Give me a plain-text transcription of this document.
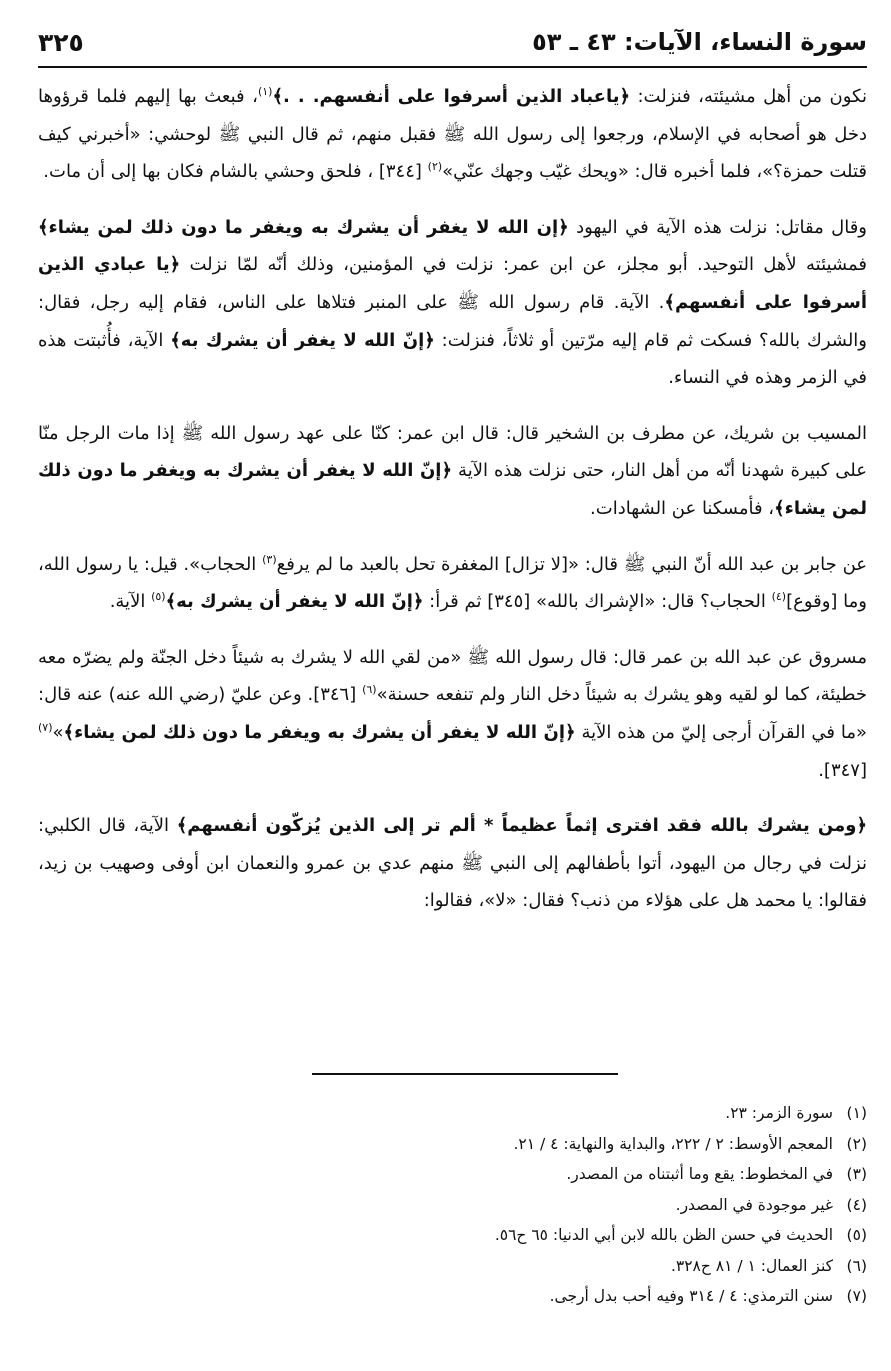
سورة النساء، الآيات: ٤٣ ـ ٥٣
٣٢٥

نكون من أهل مشيئته، فنزلت: ﴿ياعباد الذين أسرفوا على أنفسهم. . .﴾$^{(١)}$، فبعث بها إليهم فلما قرؤوها دخل هو أصحابه في الإسلام، ورجعوا إلى رسول الله ﷺ فقبل منهم، ثم قال النبي ﷺ لوحشي: «أخبرني كيف قتلت حمزة؟»، فلما أخبره قال: «ويحك غيّب وجهك عنّي»$^{(٢)}$ [٣٤٤] ، فلحق وحشي بالشام فكان بها إلى أن مات.

وقال مقاتل: نزلت هذه الآية في اليهود ﴿إن الله لا يغفر أن يشرك به ويغفر ما دون ذلك لمن يشاء﴾ فمشيئته لأهل التوحيد. أبو مجلز، عن ابن عمر: نزلت في المؤمنين، وذلك أنّه لمّا نزلت ﴿يا عبادي الذين أسرفوا على أنفسهم﴾. الآية. قام رسول الله ﷺ على المنبر فتلاها على الناس، فقام إليه رجل، فقال: والشرك بالله؟ فسكت ثم قام إليه مرّتين أو ثلاثاً، فنزلت: ﴿إنّ الله لا يغفر أن يشرك به﴾ الآية، فأُثبتت هذه في الزمر وهذه في النساء.

المسيب بن شريك، عن مطرف بن الشخير قال: قال ابن عمر: كنّا على عهد رسول الله ﷺ إذا مات الرجل منّا على كبيرة شهدنا أنّه من أهل النار، حتى نزلت هذه الآية ﴿إنّ الله لا يغفر أن يشرك به ويغفر ما دون ذلك لمن يشاء﴾، فأمسكنا عن الشهادات.

عن جابر بن عبد الله أنّ النبي ﷺ قال: «[لا تزال] المغفرة تحل بالعبد ما لم يرفع$^{(٣)}$ الحجاب». قيل: يا رسول الله، وما [وقوع]$^{(٤)}$ الحجاب؟ قال: «الإشراك بالله» [٣٤٥] ثم قرأ: ﴿إنّ الله لا يغفر أن يشرك به﴾$^{(٥)}$ الآية.

مسروق عن عبد الله بن عمر قال: قال رسول الله ﷺ «من لقي الله لا يشرك به شيئاً دخل الجنّة ولم يضرّه معه خطيئة، كما لو لقيه وهو يشرك به شيئاً دخل النار ولم تنفعه حسنة»$^{(٦)}$ [٣٤٦]. وعن عليّ (رضي الله عنه) عنه قال: «ما في القرآن أرجى إليّ من هذه الآية ﴿إنّ الله لا يغفر أن يشرك به ويغفر ما دون ذلك لمن يشاء﴾»$^{(٧)}$ [٣٤٧].

﴿ومن يشرك بالله فقد افترى إثماً عظيماً * ألم تر إلى الذين يُزكّون أنفسهم﴾ الآية، قال الكلبي: نزلت في رجال من اليهود، أتوا بأطفالهم إلى النبي ﷺ منهم عدي بن عمرو والنعمان ابن أوفى وصهيب بن زيد، فقالوا: يا محمد هل على هؤلاء من ذنب؟ فقال: «لا»، فقالوا:

(١)سورة الزمر: ٢٣.
(٢)المعجم الأوسط: ٢ / ٢٢٢، والبداية والنهاية: ٤ / ٢١.
(٣)في المخطوط: يقع وما أثبتناه من المصدر.
(٤)غير موجودة في المصدر.
(٥)الحديث في حسن الظن بالله لابن أبي الدنيا: ٦٥ ح٥٦.
(٦)كنز العمال: ١ / ٨١ ح٣٢٨.
(٧)سنن الترمذي: ٤ / ٣١٤ وفيه أحب بدل أرجى.
